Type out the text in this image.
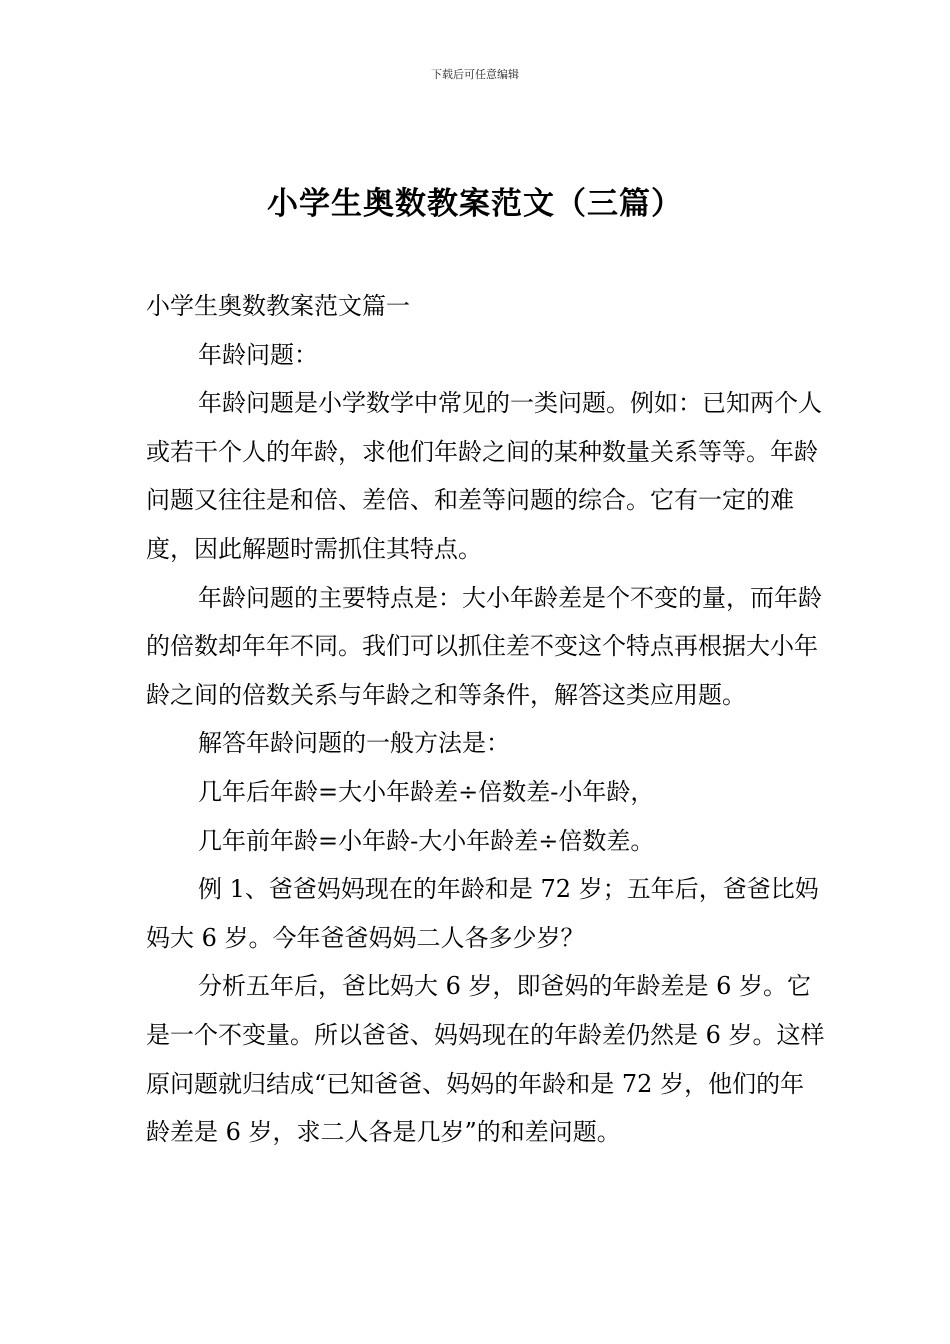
下载后可任意编辑
小学生奥数教案范文（三篇）

小学生奥数教案范文篇一

年龄问题：

年龄问题是小学数学中常见的一类问题。例如：已知两个人或若干个人的年龄，求他们年龄之间的某种数量关系等等。年龄问题又往往是和倍、差倍、和差等问题的综合。它有一定的难度，因此解题时需抓住其特点。

年龄问题的主要特点是：大小年龄差是个不变的量，而年龄的倍数却年年不同。我们可以抓住差不变这个特点再根据大小年龄之间的倍数关系与年龄之和等条件，解答这类应用题。

解答年龄问题的一般方法是：

几年后年龄=大小年龄差÷倍数差-小年龄，

几年前年龄=小年龄-大小年龄差÷倍数差。

例 1、爸爸妈妈现在的年龄和是 72 岁；五年后，爸爸比妈妈大 6 岁。今年爸爸妈妈二人各多少岁？

分析五年后，爸比妈大 6 岁，即爸妈的年龄差是 6 岁。它是一个不变量。所以爸爸、妈妈现在的年龄差仍然是 6 岁。这样原问题就归结成“已知爸爸、妈妈的年龄和是 72 岁，他们的年龄差是 6 岁，求二人各是几岁”的和差问题。
